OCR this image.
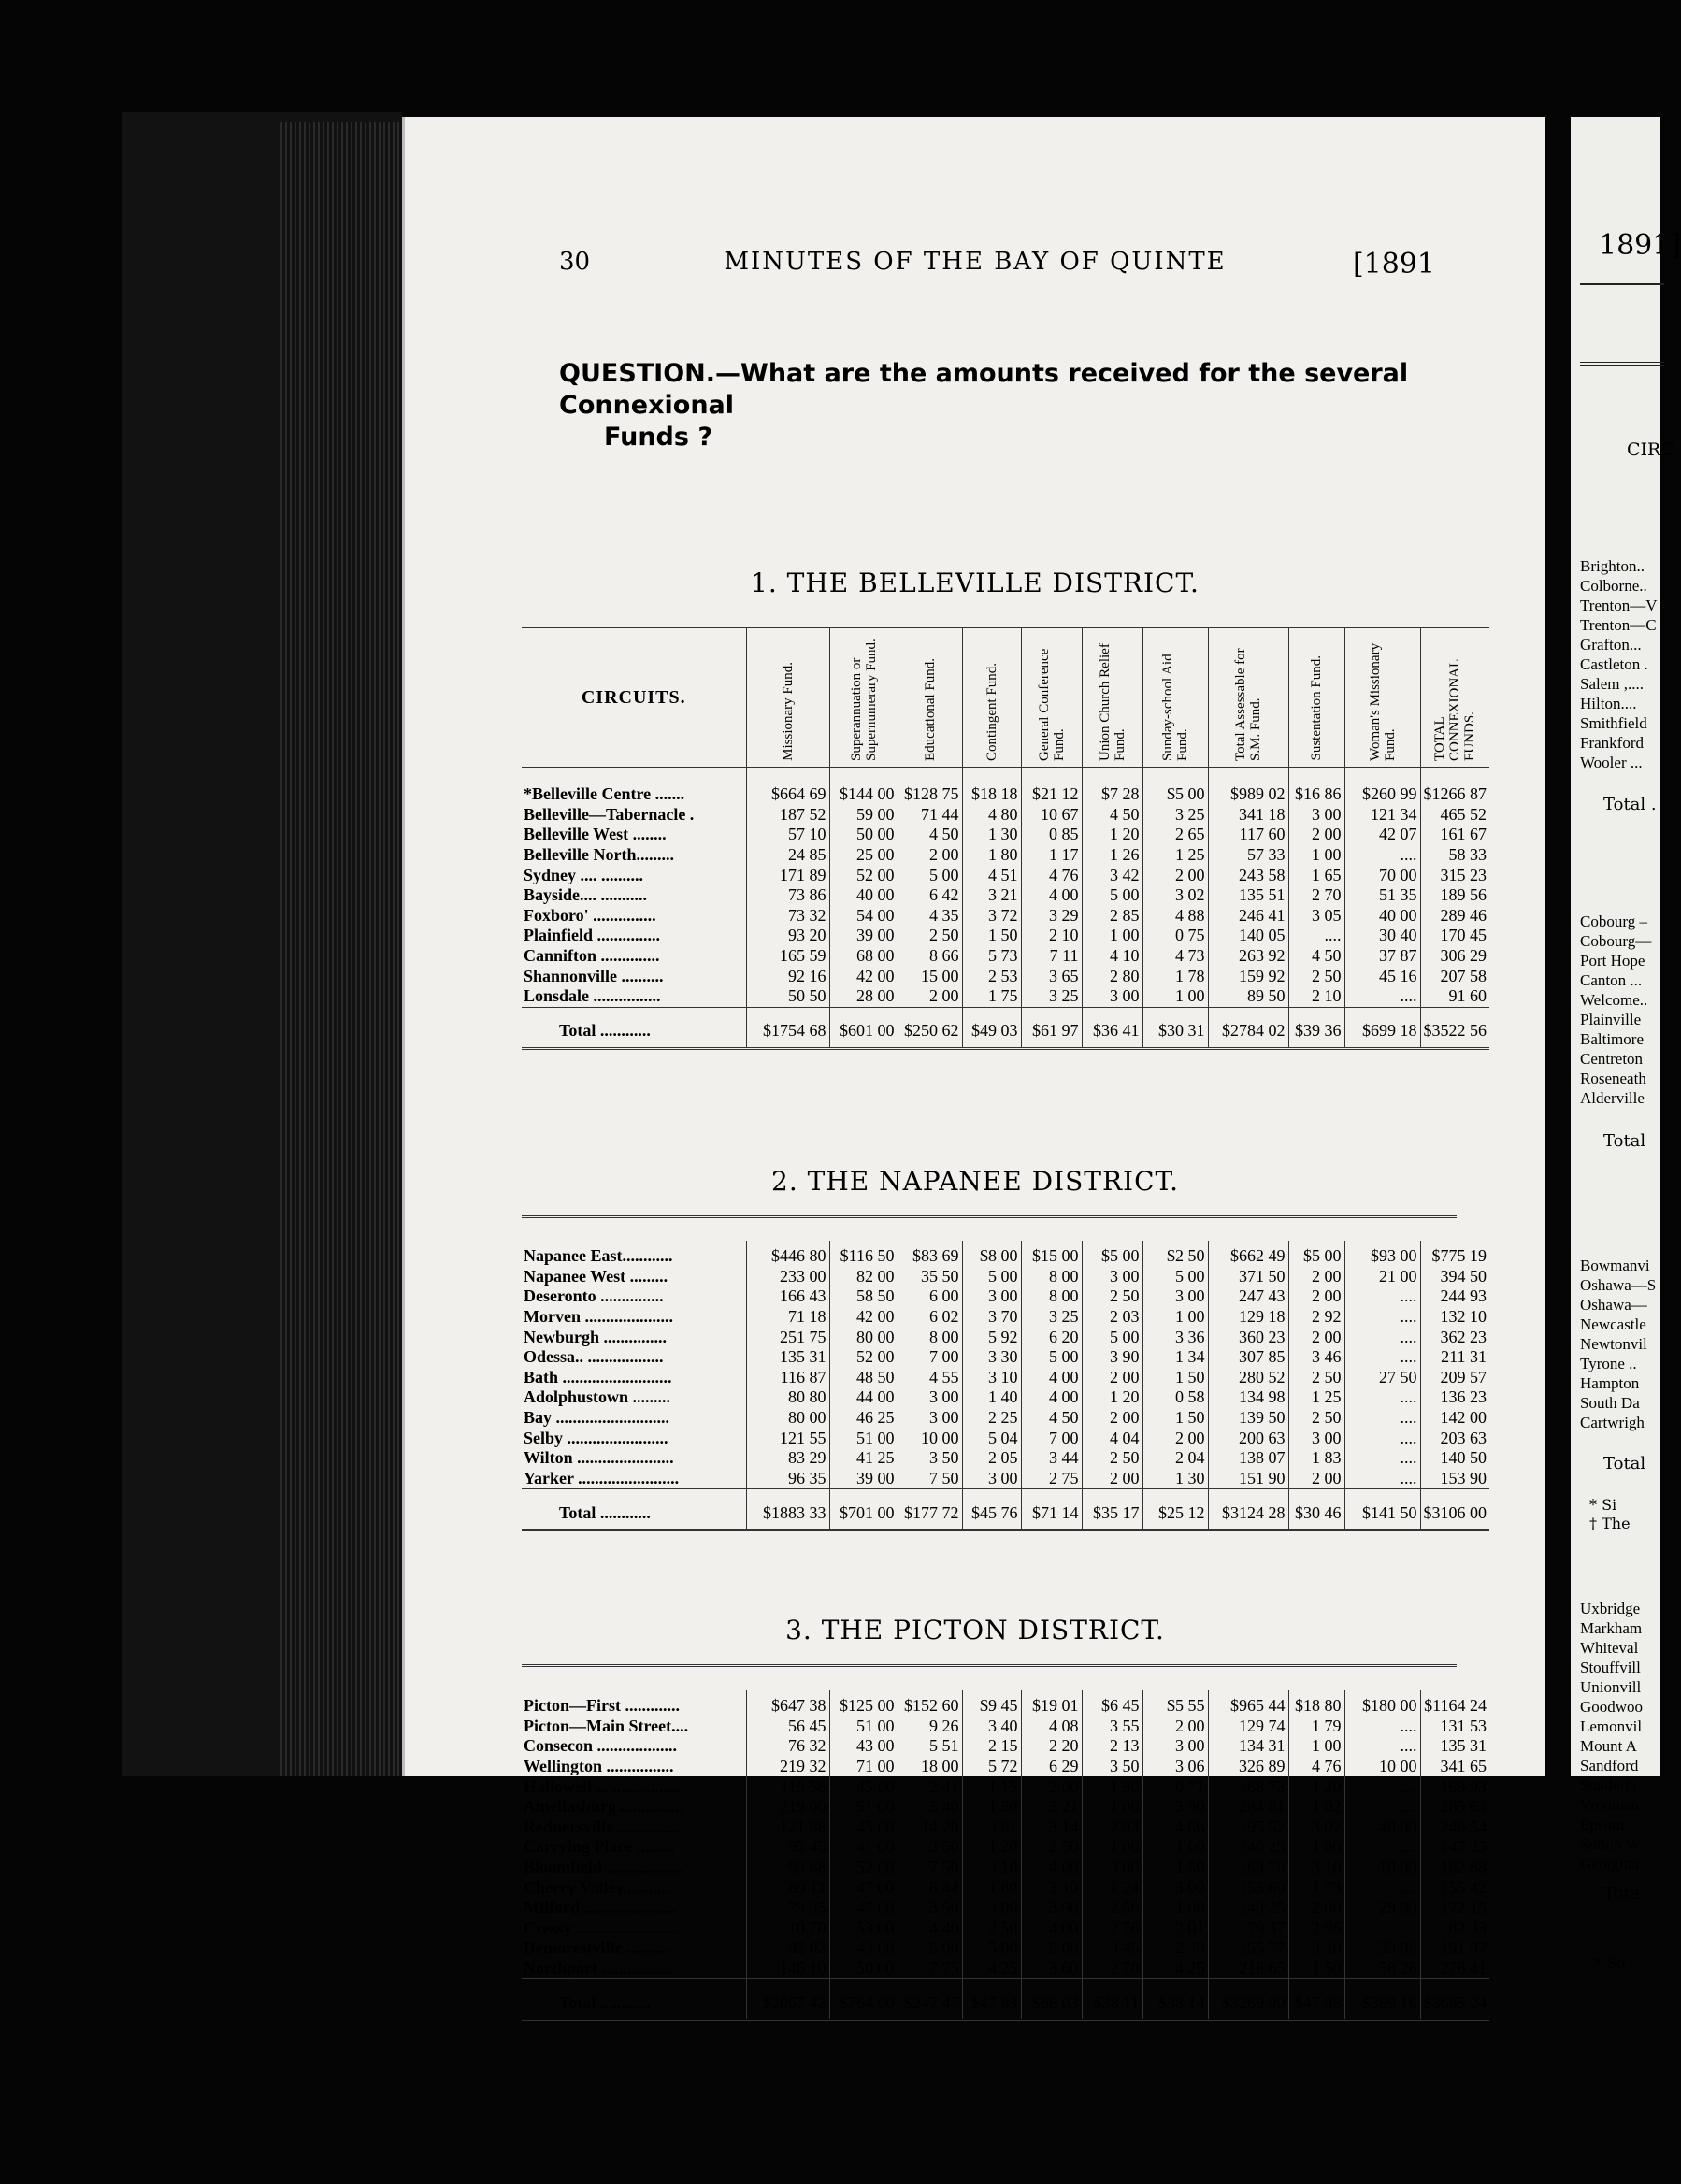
30	MINUTES OF THE BAY OF QUINTE	[1891
QUESTION.—What are the amounts received for the several Connexional
Funds ?
1. THE BELLEVILLE DISTRICT.
CIRCUITS.	Missionary Fund.	Superannuation or Supernumerary Fund.	Educational Fund.	Contingent Fund.	General Conference Fund.	Union Church Relief Fund.	Sunday-school Aid Fund.	Total Assessable for S.M. Fund.	Sustentation Fund.	Woman's Missionary Fund.	TOTAL CONNEXIONAL FUNDS.

*Belleville Centre .......	$664 69	$144 00	$128 75	$18 18	$21 12	$7 28	$5 00	$989 02	$16 86	$260 99	$1266 87
Belleville—Tabernacle .	187 52	59 00	71 44	4 80	10 67	4 50	3 25	341 18	3 00	121 34	465 52
Belleville West ........	57 10	50 00	4 50	1 30	0 85	1 20	2 65	117 60	2 00	42 07	161 67
Belleville North.........	24 85	25 00	2 00	1 80	1 17	1 26	1 25	57 33	1 00	....	58 33
Sydney .... ..........	171 89	52 00	5 00	4 51	4 76	3 42	2 00	243 58	1 65	70 00	315 23
Bayside.... ...........	73 86	40 00	6 42	3 21	4 00	5 00	3 02	135 51	2 70	51 35	189 56
Foxboro' ...............	73 32	54 00	4 35	3 72	3 29	2 85	4 88	246 41	3 05	40 00	289 46
Plainfield ...............	93 20	39 00	2 50	1 50	2 10	1 00	0 75	140 05	....	30 40	170 45
Cannifton ..............	165 59	68 00	8 66	5 73	7 11	4 10	4 73	263 92	4 50	37 87	306 29
Shannonville ..........	92 16	42 00	15 00	2 53	3 65	2 80	1 78	159 92	2 50	45 16	207 58
Lonsdale ................	50 50	28 00	2 00	1 75	3 25	3 00	1 00	89 50	2 10	....	91 60
Total ............	$1754 68	$601 00	$250 62	$49 03	$61 97	$36 41	$30 31	$2784 02	$39 36	$699 18	$3522 56
2. THE NAPANEE DISTRICT.

Napanee East............	$446 80	$116 50	$83 69	$8 00	$15 00	$5 00	$2 50	$662 49	$5 00	$93 00	$775 19
Napanee West .........	233 00	82 00	35 50	5 00	8 00	3 00	5 00	371 50	2 00	21 00	394 50
Deseronto ...............	166 43	58 50	6 00	3 00	8 00	2 50	3 00	247 43	2 00	....	244 93
Morven .....................	71 18	42 00	6 02	3 70	3 25	2 03	1 00	129 18	2 92	....	132 10
Newburgh ...............	251 75	80 00	8 00	5 92	6 20	5 00	3 36	360 23	2 00	....	362 23
Odessa.. ..................	135 31	52 00	7 00	3 30	5 00	3 90	1 34	307 85	3 46	....	211 31
Bath ..........................	116 87	48 50	4 55	3 10	4 00	2 00	1 50	280 52	2 50	27 50	209 57
Adolphustown .........	80 80	44 00	3 00	1 40	4 00	1 20	0 58	134 98	1 25	....	136 23
Bay ...........................	80 00	46 25	3 00	2 25	4 50	2 00	1 50	139 50	2 50	....	142 00
Selby ........................	121 55	51 00	10 00	5 04	7 00	4 04	2 00	200 63	3 00	....	203 63
Wilton .......................	83 29	41 25	3 50	2 05	3 44	2 50	2 04	138 07	1 83	....	140 50
Yarker ........................	96 35	39 00	7 50	3 00	2 75	2 00	1 30	151 90	2 00	....	153 90
Total ............	$1883 33	$701 00	$177 72	$45 76	$71 14	$35 17	$25 12	$3124 28	$30 46	$141 50	$3106 00
3. THE PICTON DISTRICT.

Picton—First .............	$647 38	$125 00	$152 60	$9 45	$19 01	$6 45	$5 55	$965 44	$18 80	$180 00	$1164 24
Picton—Main Street....	56 45	51 00	9 26	3 40	4 08	3 55	2 00	129 74	1 79	....	131 53
Consecon ...................	76 32	43 00	5 51	2 15	2 20	2 13	3 00	134 31	1 00	....	135 31
Wellington ................	219 32	71 00	18 00	5 72	6 29	3 50	3 06	326 89	4 76	10 00	341 65
Hallowell ....................	115 56	45 00	2 41	1 15	2 00	1 90	0 71	168 73	1 20	....	169 93
Ameliasburg ...............	219 00	51 00	5 40	1 50	3 21	1 00	3 50	284 61	1 02	....	285 63
Rednersville ...............	121 98	45 00	14 20	3 61	3 14	2 93	4 66	195 52	3 02	48 00	246 54
Carrying Place .........	95 45	41 00	3 50	1 20	2 50	1 00	1 60	146 25	1 00	....	147 25
Bloomfield ..................	98 68	52 00	7 50	3 10	4 00	3 00	1 50	169 78	3 10	10 00	182 88
Cherry Valley...........	89 11	47 00	8 44	1 80	3 10	1 24	3 00	153 69	1 73	....	155 42
Milford ......................	79 35	47 00	3 50	3 00	3 90	2 50	1 00	140 25	2 00	29 90	172 15
Cressy ........................	10 70	53 00	4 40	2 50	4 00	2 76	2 01	79 37	2 96	....	82 33
Demorestville ..........	92 02	43 00	5 00	5 00	5 00	3 45	2 30	155 77	3 20	33 00	191 97
Northport .................	146 10	50 00	7 75	4 25	3 60	2 70	4 25	218 65	1 50	58 26	278 41
Total ............	$2067 42	$764 00	$247 47	$47 83	$66 03	$38 11	$38 14	$3269 00	$47 08	$369 16	$3685 24
1891]
CIRC
Brighton..
Colborne..
Trenton—V
Trenton—C
Grafton...
Castleton .
Salem ,....
Hilton....
Smithfield
Frankford
Wooler ...
Total .
Cobourg –
Cobourg—
Port Hope
Canton ...
Welcome..
Plainville
Baltimore
Centreton
Roseneath
Alderville
Total
Bowmanvi
Oshawa—S
Oshawa—
Newcastle
Newtonvil
Tyrone ..
Hampton
South Da
Cartwrigh
Total
* Si
† The
Uxbridge
Markham
Whiteval
Stouffvill
Unionvill
Goodwoo
Lemonvil
Mount A
Sandford
Sunderla
Vrooman
Epsom .
Sutton W
Georgina
Tota
* So
